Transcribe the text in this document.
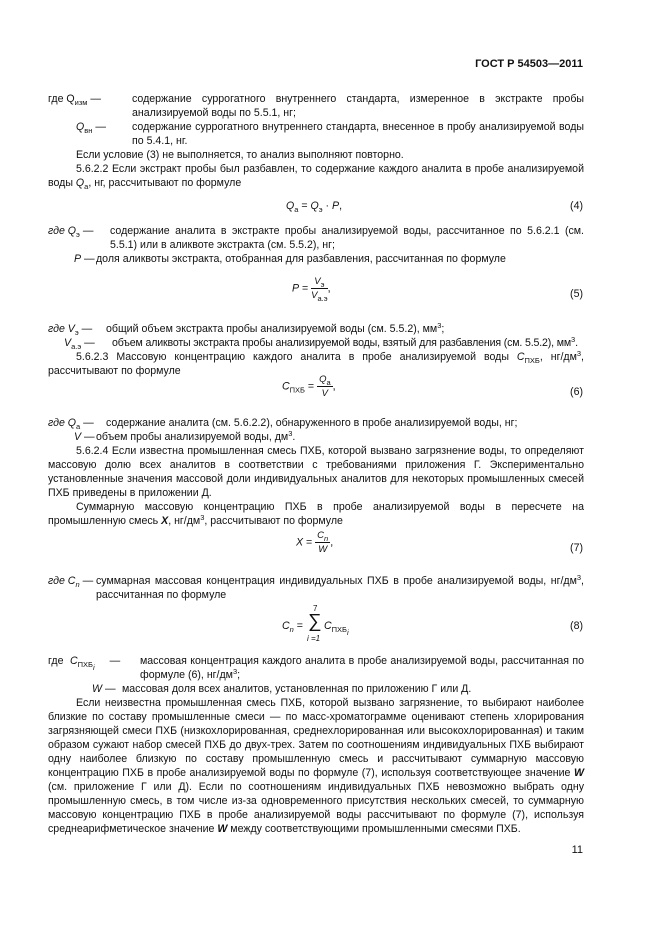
ГОСТ Р 54503—2011
где $Q_{изм}$ —	содержание суррогатного внутреннего стандарта, измеренное в экстракте пробы анализируемой воды по 5.5.1, нг;
$Q_{вн}$ — содержание суррогатного внутреннего стандарта, внесенное в пробу анализируемой воды по 5.4.1, нг.
Если условие (3) не выполняется, то анализ выполняют повторно.
5.6.2.2 Если экстракт пробы был разбавлен, то содержание каждого аналита в пробе анализируемой воды $Q_а$, нг, рассчитывают по формуле
$Q_а = Q_э \cdot P$,	(4)
где $Q_э$ — содержание аналита в экстракте пробы анализируемой воды, рассчитанное по 5.6.2.1 (см. 5.5.1) или в аликвоте экстракта (см. 5.5.2), нг;
P — доля аликвоты экстракта, отобранная для разбавления, рассчитанная по формуле
$P = \frac{V_э}{V_{а.э}}$ ,	(5)
где $V_э$ — общий объем экстракта пробы анализируемой воды (см. 5.5.2), $мм^3$;
$V_{а.э}$ — объем аликвоты экстракта пробы анализируемой воды, взятый для разбавления (см. 5.5.2), $мм^3$.
5.6.2.3 Массовую концентрацию каждого аналита в пробе анализируемой воды $C_{ПХБ}$, $нг/дм^3$, рассчитывают по формуле
$C_{ПХБ} = \frac{Q_а}{V}$ ,	(6)
где $Q_а$ — содержание аналита (см. 5.6.2.2), обнаруженного в пробе анализируемой воды, нг;
V — объем пробы анализируемой воды, $дм^3$.
5.6.2.4 Если известна промышленная смесь ПХБ, которой вызвано загрязнение воды, то определяют массовую долю всех аналитов в соответствии с требованиями приложения Г. Экспериментально установленные значения массовой доли индивидуальных аналитов для некоторых промышленных смесей ПХБ приведены в приложении Д.
Суммарную массовую концентрацию ПХБ в пробе анализируемой воды в пересчете на промышленную смесь X, $нг/дм^3$, рассчитывают по формуле
$X = \frac{C_n}{W}$ ,	(7)
где $C_n$ — суммарная массовая концентрация индивидуальных ПХБ в пробе анализируемой воды, $нг/дм^3$, рассчитанная по формуле
$C_n$ =
7
∑
i =1
$C_{ПХБ_i}$
(8)
где $C_{ПХБ_i}$ — массовая концентрация каждого аналита в пробе анализируемой воды, рассчитанная по формуле (6), $нг/дм^3$;
W — массовая доля всех аналитов, установленная по приложению Г или Д.
Если неизвестна промышленная смесь ПХБ, которой вызвано загрязнение, то выбирают наиболее близкие по составу промышленные смеси — по масс-хроматограмме оценивают степень хлорирования загрязняющей смеси ПХБ (низкохлорированная, среднехлорированная или высокохлорированная) и таким образом сужают набор смесей ПХБ до двух-трех. Затем по соотношениям индивидуальных ПХБ выбирают одну наиболее близкую по составу промышленную смесь и рассчитывают суммарную массовую концентрацию ПХБ в пробе анализируемой воды по формуле (7), используя соответствующее значение W (см. приложение Г или Д). Если по соотношениям индивидуальных ПХБ невозможно выбрать одну промышленную смесь, в том числе из-за одновременного присутствия нескольких смесей, то суммарную массовую концентрацию ПХБ в пробе анализируемой воды рассчитывают по формуле (7), используя среднеарифметическое значение W между соответствующими промышленными смесями ПХБ.
11
